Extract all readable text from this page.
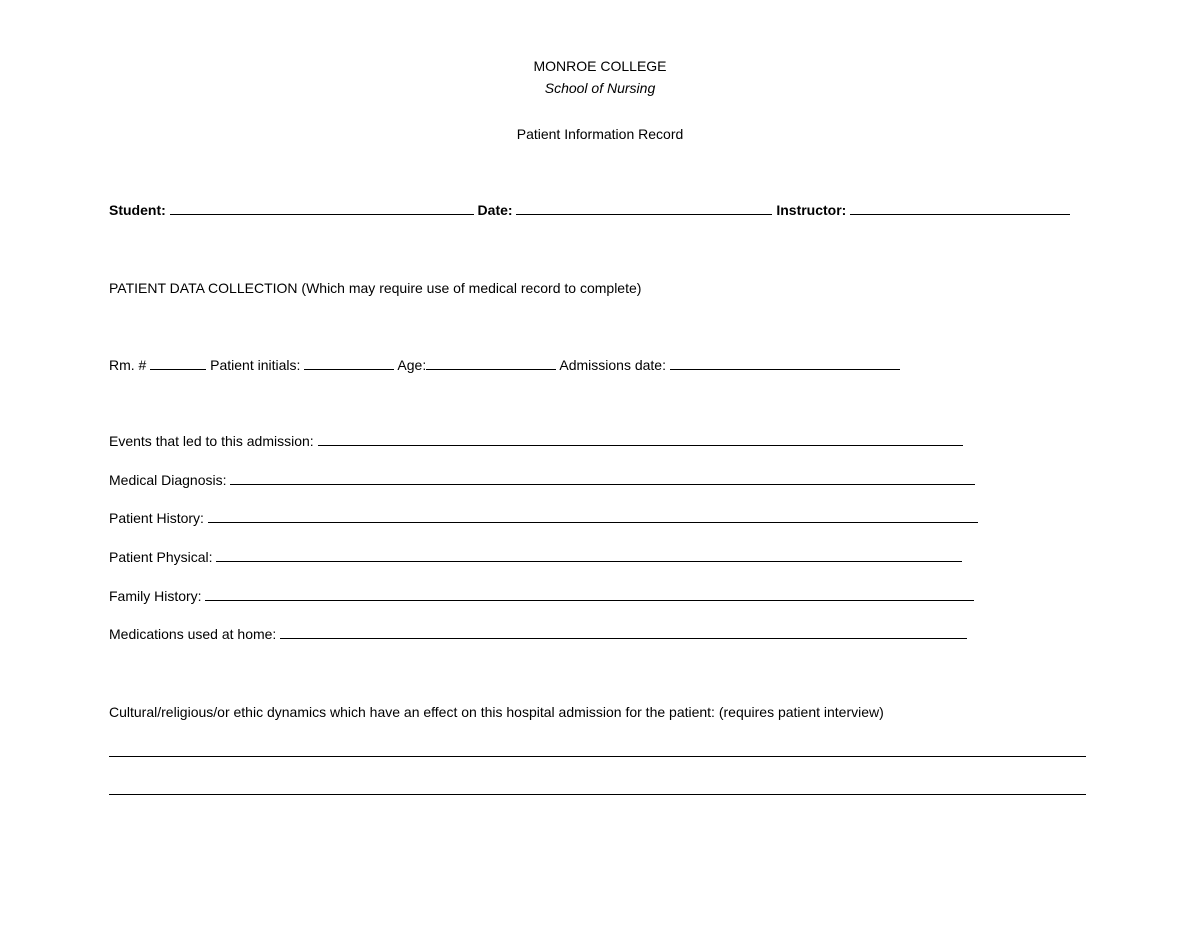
MONROE COLLEGE
School of Nursing
Patient Information Record
Student:	Date:	Instructor:
PATIENT DATA COLLECTION (Which may require use of medical record to complete)
Rm. #	Patient initials:	Age:	Admissions date:
Events that led to this admission:
Medical Diagnosis:
Patient History:
Patient Physical:
Family History:
Medications used at home:
Cultural/religious/or ethic dynamics which have an effect on this hospital admission for the patient: (requires patient interview)
